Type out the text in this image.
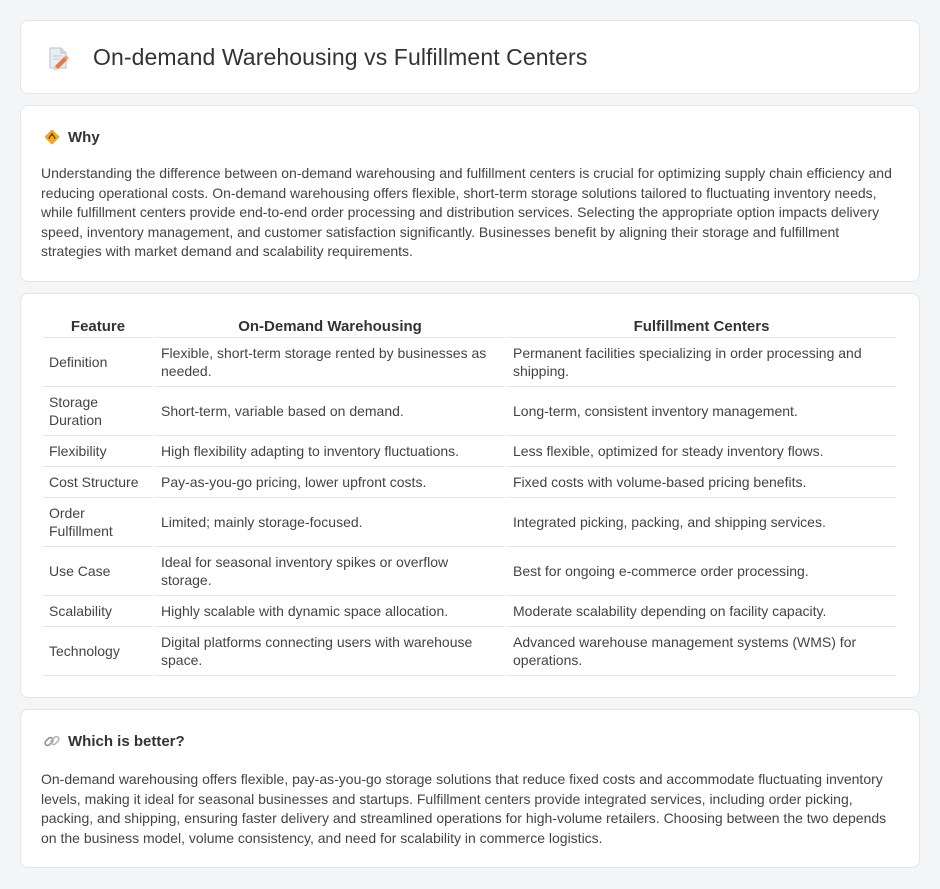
On-demand Warehousing vs Fulfillment Centers
Why

Understanding the difference between on-demand warehousing and fulfillment centers is crucial for optimizing supply chain efficiency and reducing operational costs. On-demand warehousing offers flexible, short-term storage solutions tailored to fluctuating inventory needs, while fulfillment centers provide end-to-end order processing and distribution services. Selecting the appropriate option impacts delivery speed, inventory management, and customer satisfaction significantly. Businesses benefit by aligning their storage and fulfillment strategies with market demand and scalability requirements.

Feature	On-Demand Warehousing	Fulfillment Centers
Definition	Flexible, short-term storage rented by businesses as needed.	Permanent facilities specializing in order processing and shipping.
Storage Duration	Short-term, variable based on demand.	Long-term, consistent inventory management.
Flexibility	High flexibility adapting to inventory fluctuations.	Less flexible, optimized for steady inventory flows.
Cost Structure	Pay-as-you-go pricing, lower upfront costs.	Fixed costs with volume-based pricing benefits.
Order Fulfillment	Limited; mainly storage-focused.	Integrated picking, packing, and shipping services.
Use Case	Ideal for seasonal inventory spikes or overflow storage.	Best for ongoing e-commerce order processing.
Scalability	Highly scalable with dynamic space allocation.	Moderate scalability depending on facility capacity.
Technology	Digital platforms connecting users with warehouse space.	Advanced warehouse management systems (WMS) for operations.
Which is better?

On-demand warehousing offers flexible, pay-as-you-go storage solutions that reduce fixed costs and accommodate fluctuating inventory levels, making it ideal for seasonal businesses and startups. Fulfillment centers provide integrated services, including order picking, packing, and shipping, ensuring faster delivery and streamlined operations for high-volume retailers. Choosing between the two depends on the business model, volume consistency, and need for scalability in commerce logistics.
